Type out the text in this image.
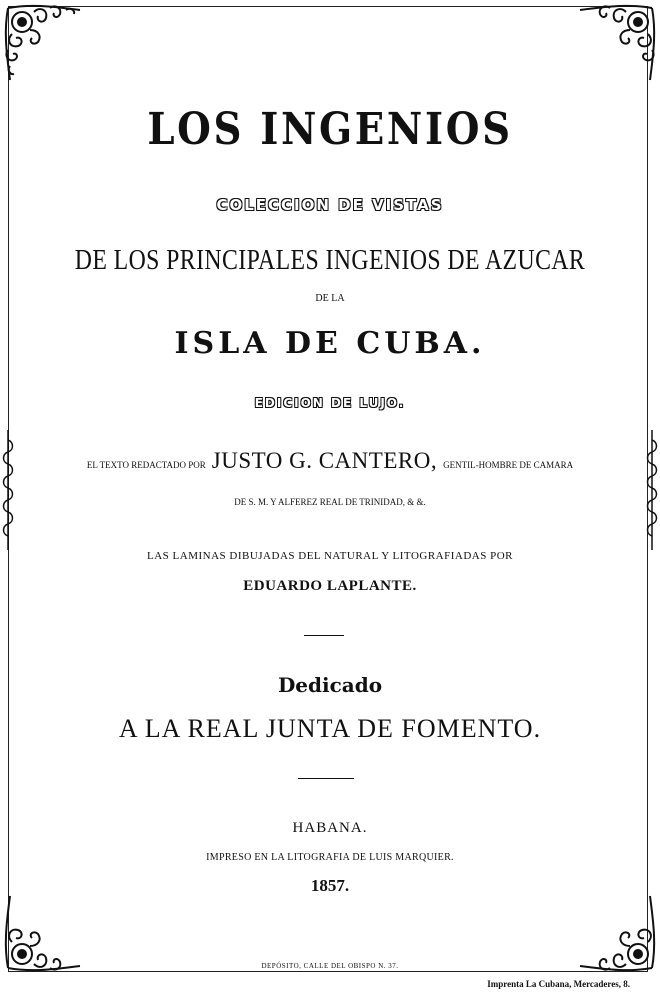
LOS INGENIOS
COLECCION DE VISTAS
DE LOS PRINCIPALES INGENIOS DE AZUCAR
DE LA
ISLA DE CUBA.
EDICION DE LUJO.
EL TEXTO REDACTADO POR JUSTO G. CANTERO, GENTIL-HOMBRE DE CAMARA
DE S. M. Y ALFEREZ REAL DE TRINIDAD, & &.
LAS LAMINAS DIBUJADAS DEL NATURAL Y LITOGRAFIADAS POR
EDUARDO LAPLANTE.
Dedicado
A LA REAL JUNTA DE FOMENTO.
HABANA.
IMPRESO EN LA LITOGRAFIA DE LUIS MARQUIER.
1857.
DEPÓSITO, CALLE DEL OBISPO N. 37.
Imprenta La Cubana, Mercaderes, 8.
